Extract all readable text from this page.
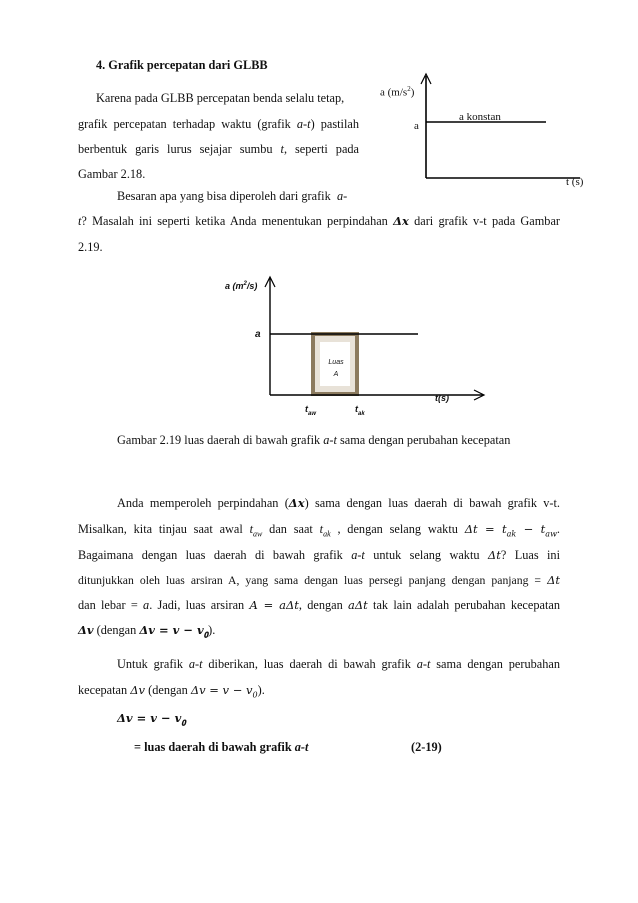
4. Grafik percepatan dari GLBB
Karena pada GLBB percepatan benda selalu tetap,
grafik percepatan terhadap waktu (grafik a-t) pastilah
berbentuk garis lurus sejajar sumbu t, seperti pada
Gambar 2.18.
a $(m/s^2)$
a
a konstan
t (s)
Besaran apa yang bisa diperoleh dari grafik a-
t? Masalah ini seperti ketika Anda menentukan perpindahan Δ𝒙 dari grafik v-t pada Gambar
2.19.
a $(m^2/s)$
a
Luas
A
t(s)
$t_{aw}$	$t_{ak}$
Gambar 2.19 luas daerah di bawah grafik a-t sama dengan perubahan kecepatan
Anda memperoleh perpindahan (Δ𝒙) sama dengan luas daerah di bawah grafik v-t.
Misalkan, kita tinjau saat awal $t_{aw}$ dan saat $t_{ak}$ , dengan selang waktu Δ𝑡 = 𝑡$_{𝑎𝑘}$ − 𝑡$_{𝑎𝑤}$.
Bagaimana dengan luas daerah di bawah grafik a-t untuk selang waktu Δ𝑡? Luas ini
ditunjukkan oleh luas arsiran A, yang sama dengan luas persegi panjang dengan panjang = Δ𝑡
dan lebar = a. Jadi, luas arsiran 𝐴 = 𝑎Δ𝑡, dengan 𝑎Δ𝑡 tak lain adalah perubahan kecepatan
Δ𝒗 (dengan Δ𝒗 = 𝒗 − 𝒗$_𝟎$).
Untuk grafik a-t diberikan, luas daerah di bawah grafik a-t sama dengan perubahan
kecepatan Δ𝑣 (dengan Δ𝑣 = 𝑣 − 𝑣$_0$).
Δ𝒗 = 𝒗 − 𝒗$_𝟎$
= luas daerah di bawah grafik a-t	(2-19)
